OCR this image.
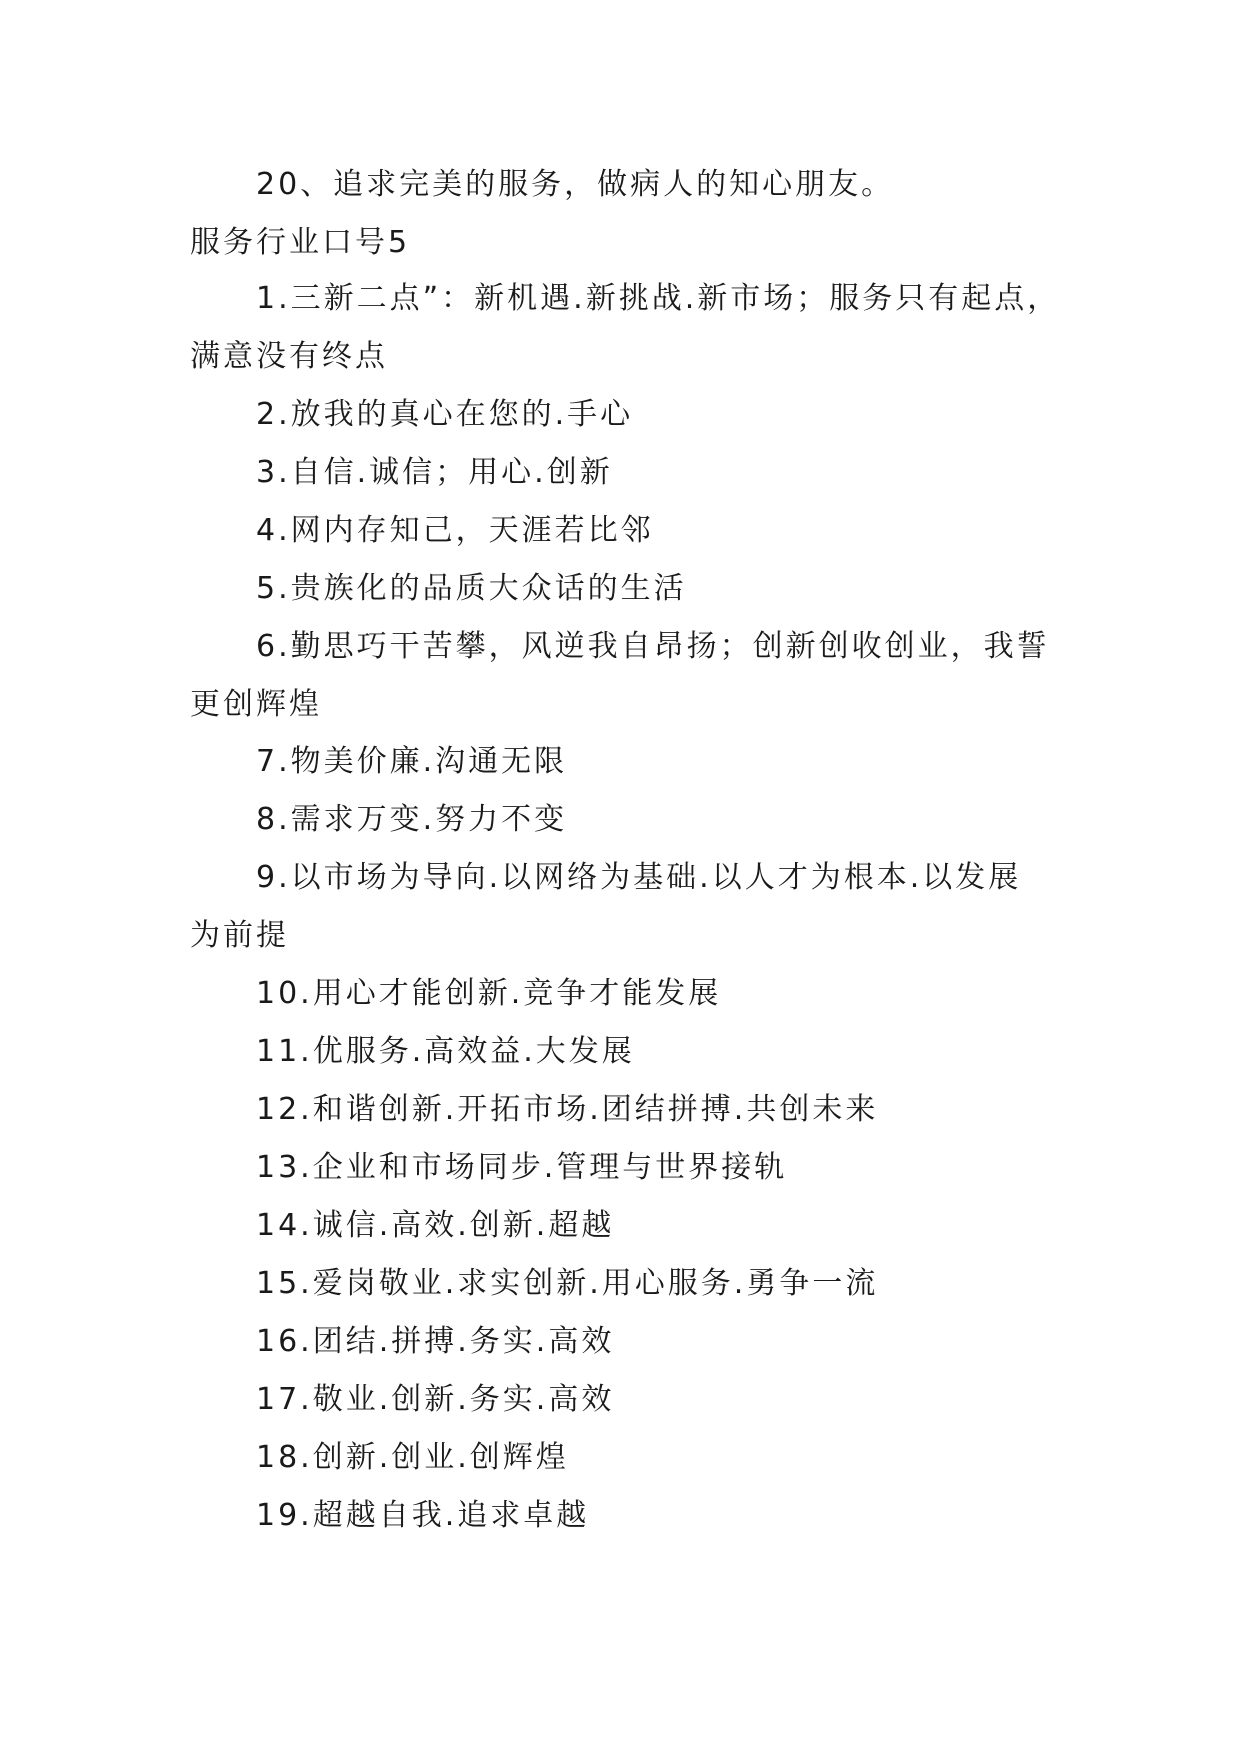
20、追求完美的服务，做病人的知心朋友。
服务行业口号5
1.三新二点”：新机遇.新挑战.新市场；服务只有起点，
满意没有终点
2.放我的真心在您的.手心
3.自信.诚信；用心.创新
4.网内存知己，天涯若比邻
5.贵族化的品质大众话的生活
6.勤思巧干苦攀，风逆我自昂扬；创新创收创业，我誓
更创辉煌
7.物美价廉.沟通无限
8.需求万变.努力不变
9.以市场为导向.以网络为基础.以人才为根本.以发展
为前提
10.用心才能创新.竞争才能发展
11.优服务.高效益.大发展
12.和谐创新.开拓市场.团结拼搏.共创未来
13.企业和市场同步.管理与世界接轨
14.诚信.高效.创新.超越
15.爱岗敬业.求实创新.用心服务.勇争一流
16.团结.拼搏.务实.高效
17.敬业.创新.务实.高效
18.创新.创业.创辉煌
19.超越自我.追求卓越
